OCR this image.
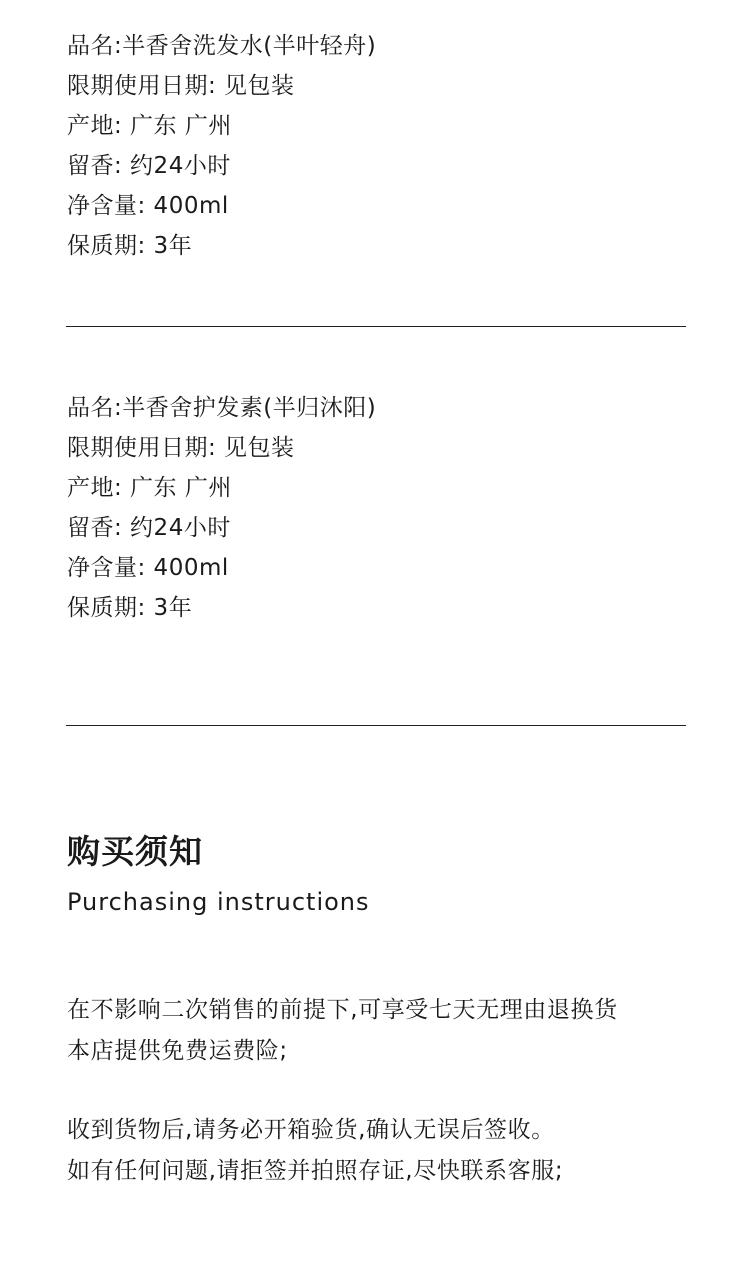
品名:半香舍洗发水(半叶轻舟)
限期使用日期: 见包装
产地: 广东 广州
留香: 约24小时
净含量: 400ml
保质期: 3年
品名:半香舍护发素(半归沐阳)
限期使用日期: 见包装
产地: 广东 广州
留香: 约24小时
净含量: 400ml
保质期: 3年
购买须知
Purchasing instructions
在不影响二次销售的前提下,可享受七天无理由退换货
本店提供免费运费险;
收到货物后,请务必开箱验货,确认无误后签收。
如有任何问题,请拒签并拍照存证,尽快联系客服;
